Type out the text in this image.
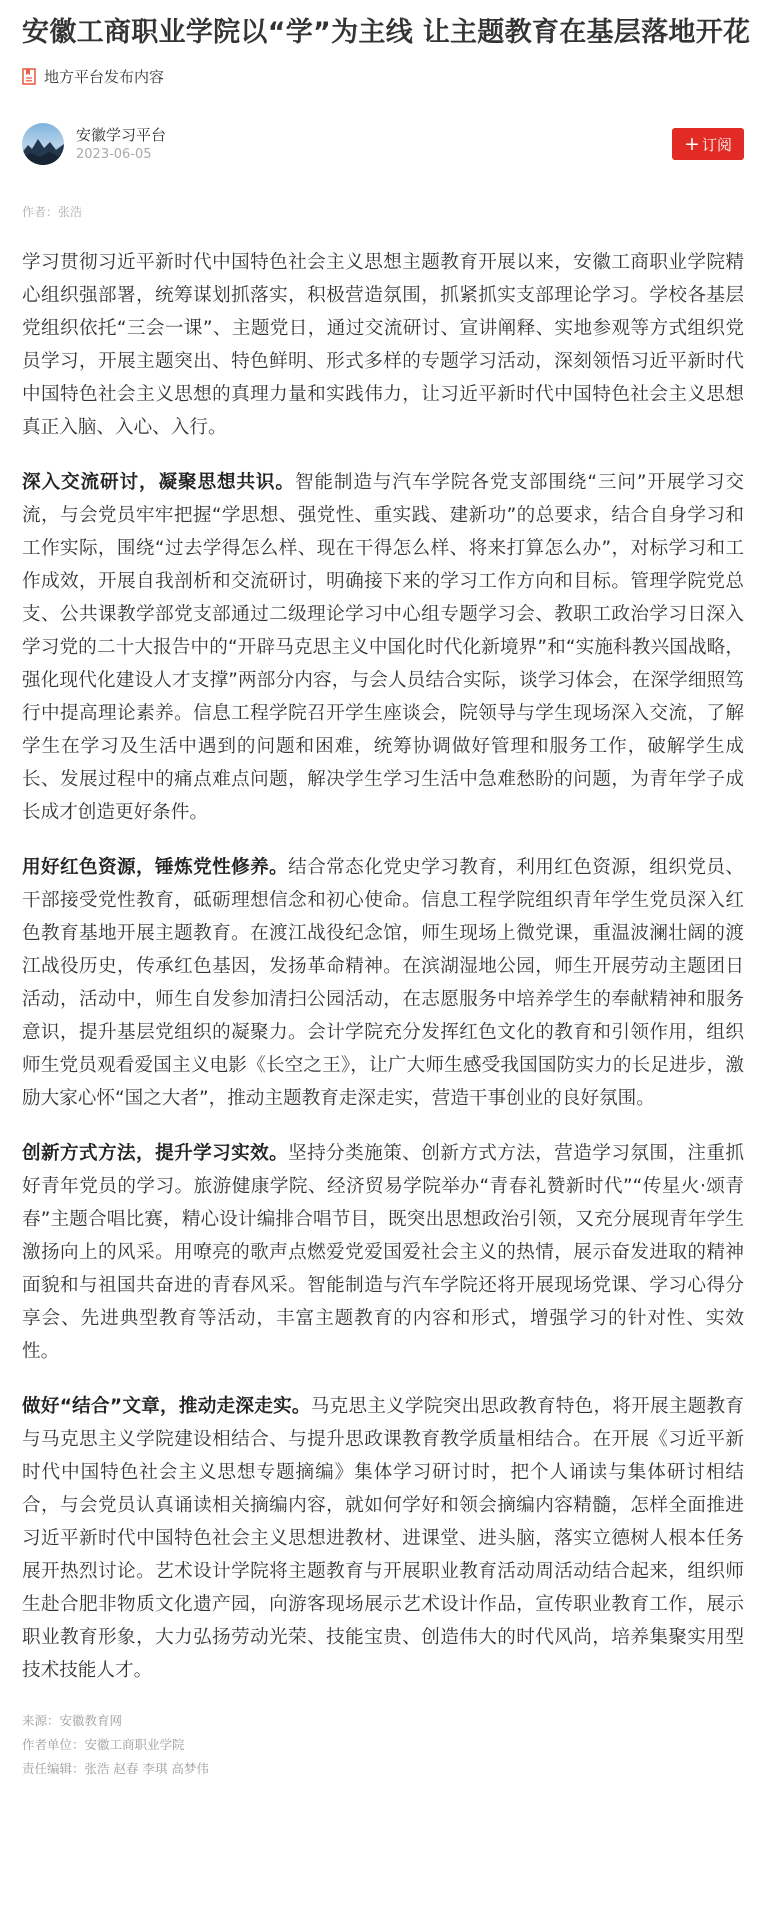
安徽工商职业学院以“学”为主线 让主题教育在基层落地开花
地方平台发布内容
安徽学习平台
2023-06-05	+ 订阅
作者：张浩

学习贯彻习近平新时代中国特色社会主义思想主题教育开展以来，安徽工商职业学院精心组织强部署，统筹谋划抓落实，积极营造氛围，抓紧抓实支部理论学习。学校各基层党组织依托“三会一课”、主题党日，通过交流研讨、宣讲阐释、实地参观等方式组织党员学习，开展主题突出、特色鲜明、形式多样的专题学习活动，深刻领悟习近平新时代中国特色社会主义思想的真理力量和实践伟力，让习近平新时代中国特色社会主义思想真正入脑、入心、入行。

深入交流研讨，凝聚思想共识。智能制造与汽车学院各党支部围绕“三问”开展学习交流，与会党员牢牢把握“学思想、强党性、重实践、建新功”的总要求，结合自身学习和工作实际，围绕“过去学得怎么样、现在干得怎么样、将来打算怎么办”，对标学习和工作成效，开展自我剖析和交流研讨，明确接下来的学习工作方向和目标。管理学院党总支、公共课教学部党支部通过二级理论学习中心组专题学习会、教职工政治学习日深入学习党的二十大报告中的“开辟马克思主义中国化时代化新境界”和“实施科教兴国战略，强化现代化建设人才支撑”两部分内容，与会人员结合实际，谈学习体会，在深学细照笃行中提高理论素养。信息工程学院召开学生座谈会，院领导与学生现场深入交流，了解学生在学习及生活中遇到的问题和困难，统筹协调做好管理和服务工作，破解学生成长、发展过程中的痛点难点问题，解决学生学习生活中急难愁盼的问题，为青年学子成长成才创造更好条件。

用好红色资源，锤炼党性修养。结合常态化党史学习教育，利用红色资源，组织党员、干部接受党性教育，砥砺理想信念和初心使命。信息工程学院组织青年学生党员深入红色教育基地开展主题教育。在渡江战役纪念馆，师生现场上微党课，重温波澜壮阔的渡江战役历史，传承红色基因，发扬革命精神。在滨湖湿地公园，师生开展劳动主题团日活动，活动中，师生自发参加清扫公园活动，在志愿服务中培养学生的奉献精神和服务意识，提升基层党组织的凝聚力。会计学院充分发挥红色文化的教育和引领作用，组织师生党员观看爱国主义电影《长空之王》，让广大师生感受我国国防实力的长足进步，激励大家心怀“国之大者”，推动主题教育走深走实，营造干事创业的良好氛围。

创新方式方法，提升学习实效。坚持分类施策、创新方式方法，营造学习氛围，注重抓好青年党员的学习。旅游健康学院、经济贸易学院举办“青春礼赞新时代”“传星火·颂青春”主题合唱比赛，精心设计编排合唱节目，既突出思想政治引领，又充分展现青年学生激扬向上的风采。用嘹亮的歌声点燃爱党爱国爱社会主义的热情，展示奋发进取的精神面貌和与祖国共奋进的青春风采。智能制造与汽车学院还将开展现场党课、学习心得分享会、先进典型教育等活动，丰富主题教育的内容和形式，增强学习的针对性、实效性。

做好“结合”文章，推动走深走实。马克思主义学院突出思政教育特色，将开展主题教育与马克思主义学院建设相结合、与提升思政课教育教学质量相结合。在开展《习近平新时代中国特色社会主义思想专题摘编》集体学习研讨时，把个人诵读与集体研讨相结合，与会党员认真诵读相关摘编内容，就如何学好和领会摘编内容精髓，怎样全面推进习近平新时代中国特色社会主义思想进教材、进课堂、进头脑，落实立德树人根本任务展开热烈讨论。艺术设计学院将主题教育与开展职业教育活动周活动结合起来，组织师生赴合肥非物质文化遗产园，向游客现场展示艺术设计作品，宣传职业教育工作，展示职业教育形象，大力弘扬劳动光荣、技能宝贵、创造伟大的时代风尚，培养集聚实用型技术技能人才。

来源：安徽教育网
作者单位：安徽工商职业学院
责任编辑：张浩 赵春 李琪 高梦伟
